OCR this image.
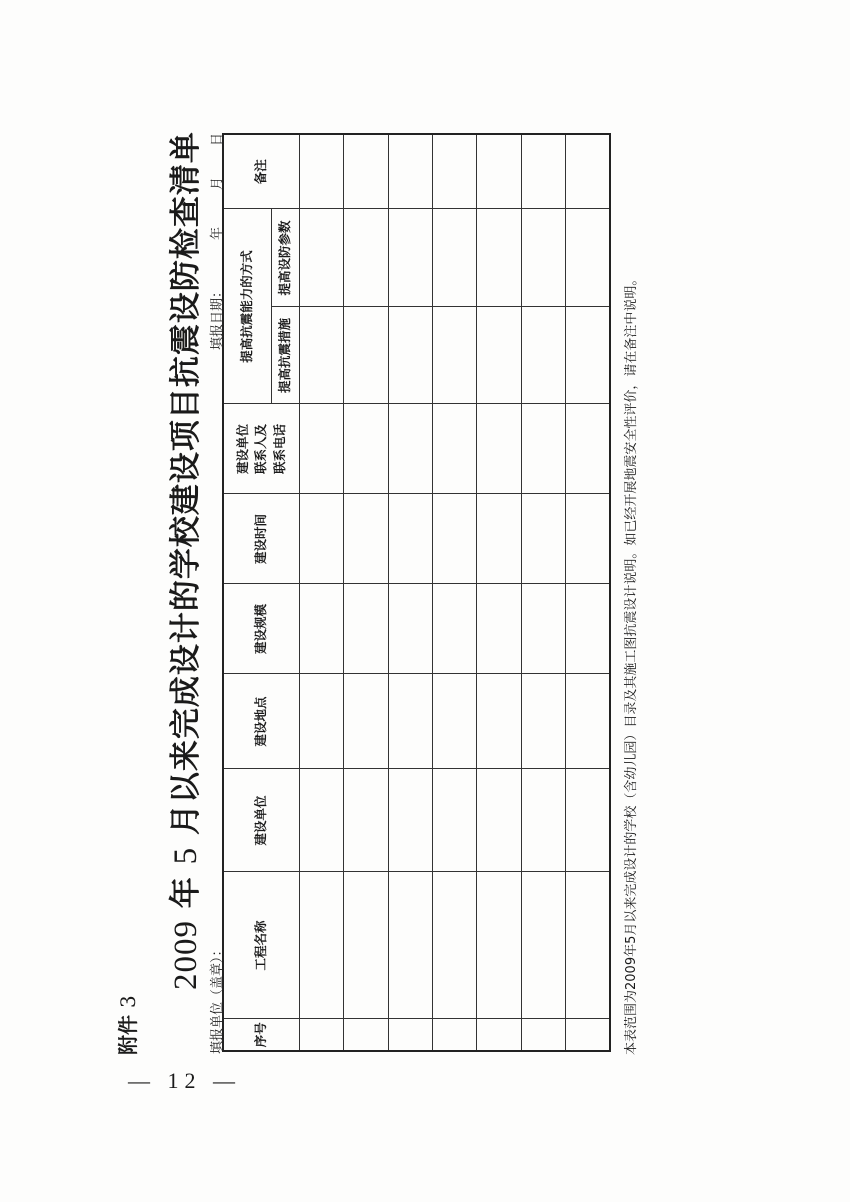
附件 3
2009 年 5 月以来完成设计的学校建设项目抗震设防检查清单
填报单位（盖章）：
填报日期：
年
月
日
序号	工程名称	建设单位	建设地点	建设规模	建设时间	建设单位 联系人及 联系电话	提高抗震能力的方式		备注
							提高抗震措施	提高设防参数	

本表范围为2009年5月以来完成设计的学校（含幼儿园）目录及其施工图抗震设计说明。如已经开展地震安全性评价，请在备注中说明。
— 12 —
